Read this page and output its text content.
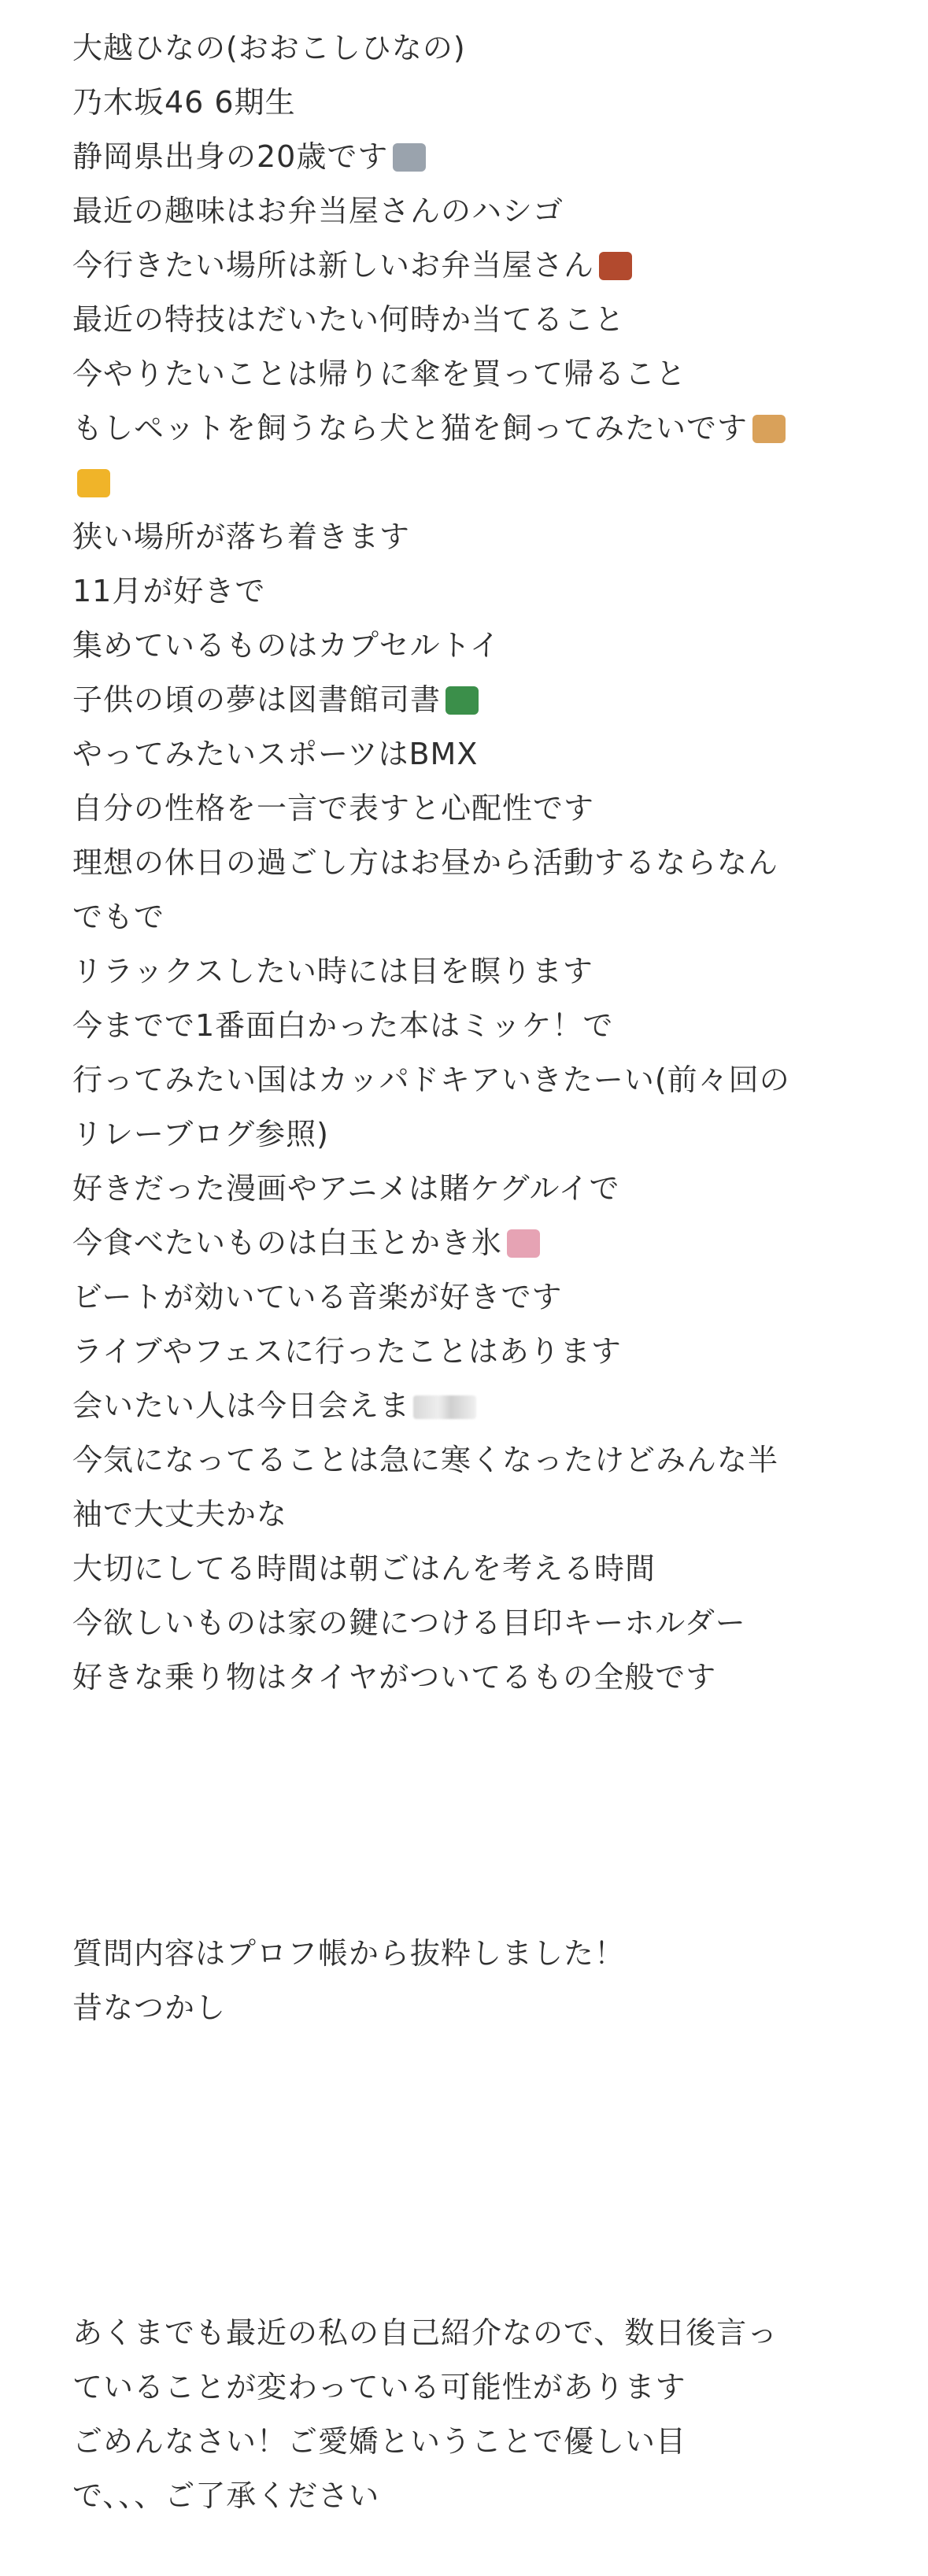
大越ひなの(おおこしひなの)
乃木坂46 6期生
静岡県出身の20歳です
最近の趣味はお弁当屋さんのハシゴ
今行きたい場所は新しいお弁当屋さん
最近の特技はだいたい何時か当てること
今やりたいことは帰りに傘を買って帰ること
もしペットを飼うなら犬と猫を飼ってみたいです
狭い場所が落ち着きます
11月が好きで
集めているものはカプセルトイ
子供の頃の夢は図書館司書
やってみたいスポーツはBMX
自分の性格を一言で表すと心配性です
理想の休日の過ごし方はお昼から活動するならなん
でもで
リラックスしたい時には目を瞑ります
今までで1番面白かった本はミッケ！で
行ってみたい国はカッパドキアいきたーい(前々回の
リレーブログ参照)
好きだった漫画やアニメは賭ケグルイで
今食べたいものは白玉とかき氷
ビートが効いている音楽が好きです
ライブやフェスに行ったことはあります
会いたい人は今日会えま
今気になってることは急に寒くなったけどみんな半
袖で大丈夫かな
大切にしてる時間は朝ごはんを考える時間
今欲しいものは家の鍵につける目印キーホルダー
好きな乗り物はタイヤがついてるもの全般です
質問内容はプロフ帳から抜粋しました！
昔なつかし
あくまでも最近の私の自己紹介なので、数日後言っ
ていることが変わっている可能性があります
ごめんなさい！ご愛嬌ということで優しい目
で、、、ご了承ください
